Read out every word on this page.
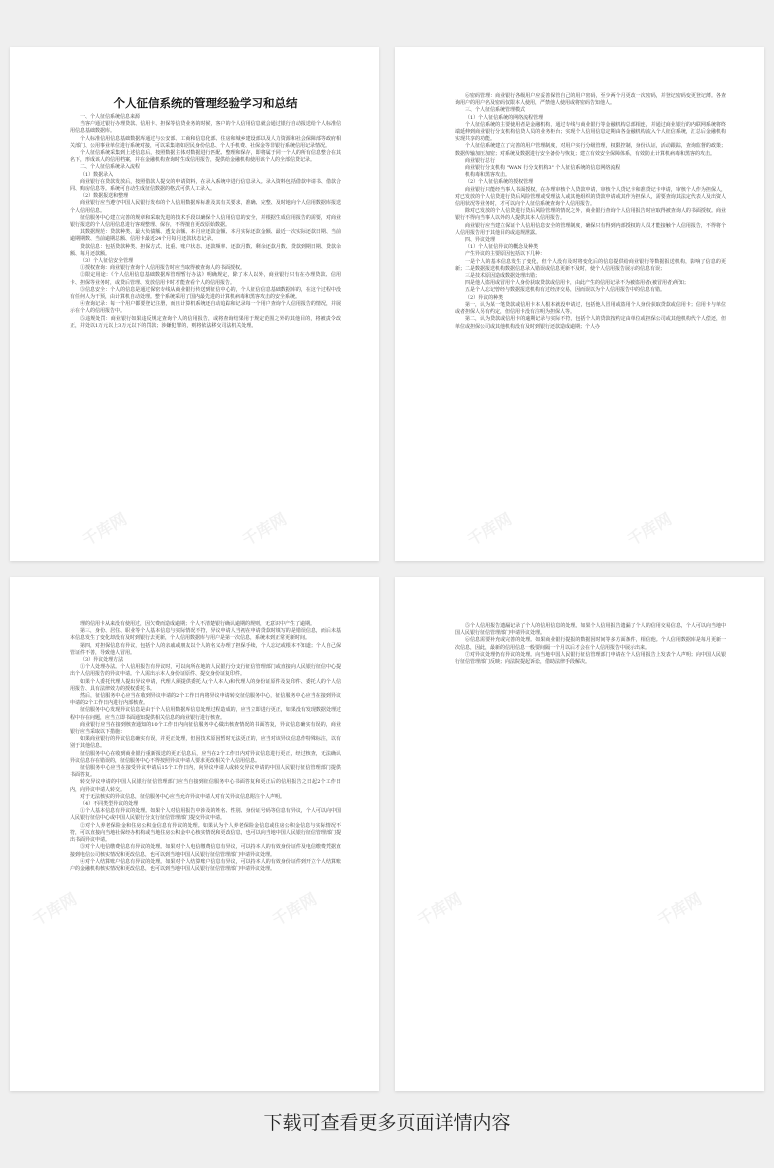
个人征信系统的管理经验学习和总结

一、个人征信系统信息来源

当客户通过银行办理贷款、信用卡、担保等信贷业务的时候，客户的个人信用信息就会通过银行自动报送给个人标准信用信息基础数据库。

个人标准信用信息基础数据库通过与公安部、工商和信息化部、住房和城乡建设部以及人力资源和社会保障部等政府相关部门、公用事业单位进行系统对接，可以采集诸如居民身份信息、个人手机费、社保金等非银行系统信用记录情况。

个人征信系统采集到上述信息后，按照数据主体对数据进行匹配、整理和保存，即将属于同一个人的所有信息整合在其名下，形成该人的信用档案，并在金融机构查询时生成信用报告，提供给金融机构使用该个人的全部信贷记录。

二、个人征信系统录入流程

（1）数据录入

商业银行在贷款发放后，按照借款人提交的申请资料，在录入系统中进行信息录入。录入资料包括借款申请书、借款合同、购房信息等。系统可自动生成征信数据的格式可供人工录入。

（2）数据报送和整理

商业银行应当遵守中国人民银行发布的个人信用数据库标准及其有关要求，准确、完整、及时地向个人信用数据库报送个人信用信息。

征信服务中心建立完善的规章和采取先进的技术手段以确保个人信用信息的安全，并根据生成信用报告的需要，对商业银行报送的个人信用信息进行客观整理、保存，不得擅自更改原始数据。

其数据规范：贷款种类、最大负债额、透支余额、本月应还款金额、本月实际还款金额、最近一次实际还款日期、当前逾期期数、当前逾期总额、信用卡最近24个月每月还款状态记录。

贷款信息：包括贷款种类、担保方式、比重、账户状态、还款频率、还款月数、剩余还款月数、贷款到期日期、贷款余额、每月还款额。

（3）个人征信安全管理

①授权查询：商业银行查询个人信用报告时应当取得被查询人的书面授权。

②限定用途：《个人信用信息基础数据库管理暂行办法》明确规定，除了本人以外，商业银行只有在办理贷款、信用卡、担保等业务时，或贷后管理、发放信用卡时才能查看个人的信用报告。

③信息安全：个人的信息是通过保密专线从商业银行传送到征信中心的，个人征信信息基础数据库的，在这个过程中没有任何人为干预，由计算机自动处理。整个系统采用了国内最先进的计算机病毒和黑客攻击的安全系统。

④查询记录：每一个用户都要登记注册，而且计算机系统还自动追踪和记录每一个用户查询个人信用报告的情况，并展示在个人的信用报告中。

⑤违规处罚：商业银行如果违反规定查询个人的信用报告，或将查询结果用于规定范围之外的其他目的，将被责令改正，并处以1万元以上3万元以下的罚款；涉嫌犯罪的，则将依法移交司法机关处理。

千库网	千库网

⑥密码管理：商业银行各级用户应妥善保管自己的用户密码，至少两个月更改一次密码，并登记密码变更登记薄。各查询用户的用户名及密码仅限本人使用，严禁他人使用或将密码告知他人。

三、个人征信系统管理模式

（1）个人征信系统的网络流程管理

个人征信系统的主要使用者是金融机构，通过专线与商业银行等金融机构总部相连，并通过商业银行的内联网系统将终端延伸到商业银行分支机构信贷人员的业务柜台；实现个人信用信息定期由各金融机构流入个人征信系统，汇总后金融机构实现共享的功能。

个人征信系统建立了完善的用户管理制度，对用户实行分级管理，权限控制，身份认证，活动跟踪，查询监督的政策；数据传输加压加密；对系统及数据进行安全备份与恢复；建立有效安全保障体系，有效防止计算机病毒和黑客的攻击。

商业银行总行

商业银行分支机构 "WAN 行分支机构3" 个人征信系统的信息网络流程

机构毒和黑客攻击。

（2）个人征信系统的授权管理

商业银行只能经当事人书面授权，在办理审核个人贷款申请，审核个人贷记卡和准贷记卡申请，审核个人作为担保人，对已发放的个人信贷进行贷后风险管理或受理法人或其他组织的贷款申请或其作为担保人，需要查询其法定代表人及出资人信用状况等业务时，才可以向个人征信系统查询个人信用报告。

除对已发放的个人信贷进行贷后风险管理的情况之外，商业银行查询个人信用报告时应取得被查询人的书面授权。商业银行不得向当事人以外的人提供其本人信用报告。

商业银行应当建立保证个人信用信息安全的管理制度，确保只有得到内部授权的人员才能接触个人信用报告，不得将个人信用报告用于其他目的或违规泄露。

四、异议处理

（1）个人征信异议的概念及种类

产生异议的主要原因包括以下几种：

一是个人的基本信息发生了变化，但个人没有及时将变化后的信息提供给商业银行等数据报送机构，影响了信息的更新；二是数据报送机构数据信息录入错误或信息更新不及时，使个人信用报告展示的信息有误；

三是技术原因造成数据处理出错；

四是他人盗用或冒用个人身份获取贷款或信用卡，由此产生的信用记录不为被盗用者(被冒用者)所知；

五是个人忘记曾经与数据报送机构有过经济交易，因而误以为个人信用报告中的信息有错。

（2）异议的种类

第一，认为某一笔贷款或信用卡本人根本就没申请过，包括他人冒用或盗用个人身份获取贷款或信用卡；信用卡与单位或者担保人另有约定，但信用卡没有注明为担保人等。

第二，认为贷款或信用卡的逾期记录与实际不符，包括个人的贷款按约定由单位或担保公司或其他机构代个人偿还，但单位或担保公司或其他机构没有及时到银行还款造成逾期；个人办

千库网	千库网

理的信用卡从来没有使用过，因欠费而造成逾期；个人不清楚银行确认逾期的规则，无意识中产生了逾期。

第三，身份、居住、职业等个人基本信息与实际情况不符，异议申请人当初在申请贷款时填写的是错误信息，而后未基本信息发生了变化却没有及时到银行去更新，个人信用数据库与用户是第一次信息，系统未到正常更新时间。

第四，对担保信息有异议，包括个人的亲戚或朋友以个人的名义办理了担保手续，个人忘记或根本不知道；个人自己保管证件不善，导致他人冒用。

（3）异议处理方法

①个人处理办法。个人信用报告有异议时，可以向所在地的人民银行分支行征信管理部门或直接向人民银行征信中心提出个人信用报告的异议申请。个人需出示本人身份证原件、提交身份证复印件。

如果个人委托代理人提出异议申请，代理人须提供委托人(个人本人)和代理人的身份证原件及复印件、委托人的个人信用报告、具有法律效力的授权委托书。

然后，征信服务中心应当在收到异议申请的2个工作日内将异议申请转交征信服务中心，征信服务中心应当在接到异议申请的2个工作日内进行内部核查。

征信服务中心发现异议信息是由于个人信用数据库信息处理过程造成的，应当立即进行更正，如果没有发现数据处理过程中存在问题，应当立即书面通知提供相关信息的商业银行进行核查。

商业银行应当在接到核查通知的10个工作日内向征信服务中心做出核查情况的书面答复，异议信息确实有误的，商业银行应当采取以下措施：

如果商业银行的异议信息确实有误，并更正处理，但因技术原因暂时无法更正的，应当对该异议信息作特殊标注，以有别于其他信息。

征信服务中心在收到商业银行重新报送的更正信息后，应当在2个工作日内对异议信息进行更正，经过核查，无法确认异议信息存在错误的，征信服务中心不得按照异议申请人要求更改相关个人信用信息。

征信服务中心应当在接受异议申请后15个工作日内，向异议申请人或转交异议申请的中国人民银行征信管理部门提供书面答复。

转交异议申请的中国人民银行征信管理部门应当自接到征信服务中心书面答复和更正后的信用报告之日起2个工作日内，向异议申请人转交。

对于无法核实的异议信息，征信服务中心应当允许异议申请人对有关异议信息附注个人声明。

（4）不同类型异议的处理

①个人基本信息有异议的处理。如果个人对信用报告中涉及的姓名、性别、身份证号码等信息有异议，个人可以向中国人民银行征信中心或中国人民银行分支行征信管理部门提交异议申请。

②对个人养老保险金和住房公积金信息有异议的处理。如果认为个人养老保险金信息或住房公积金信息与实际情况不符，可以直接向当地社保经办机构或当地住房公积金中心核实情况和更改信息，也可以向当地中国人民银行征信管理部门提出书面异议申请。

③对个人电信缴费信息有异议的处理。如果对个人电信缴费信息有异议，可以持本人的有效身份证件及电信缴费凭据直接到电信公司核实情况和更改信息，也可以到当地中国人民银行征信管理部门申请异议处理。

④对个人结算账户信息有异议的处理。如果对个人结算账户信息有异议，可以持本人的有效身份证件到开立个人结算账户的金融机构核实情况和更改信息，也可以到当地中国人民银行征信管理部门申请异议处理。

千库网	千库网

⑤个人信用报告遗漏记录了个人的信用信息的处理。如果个人信用报告遗漏了个人的信用交易信息，个人可以向当地中国人民银行征信管理部门申请异议处理。

⑥信息需要补充或完善的处理。如果商业银行提报的数据因时间等多方面条件，相信他。个人信用数据库是每月更新一次信息，因此，最新的信用信息一般要间隔一个月以后才会在个人信用报告中展示出来。

⑦对异议处理仍有异议的处理。向当地中国人民银行征信管理部门申请在个人信用报告上发表个人声明；向中国人民银行征信管理部门反映；向法院提起诉讼，借助法律手段解决。

千库网	千库网
下载可查看更多页面详情内容
